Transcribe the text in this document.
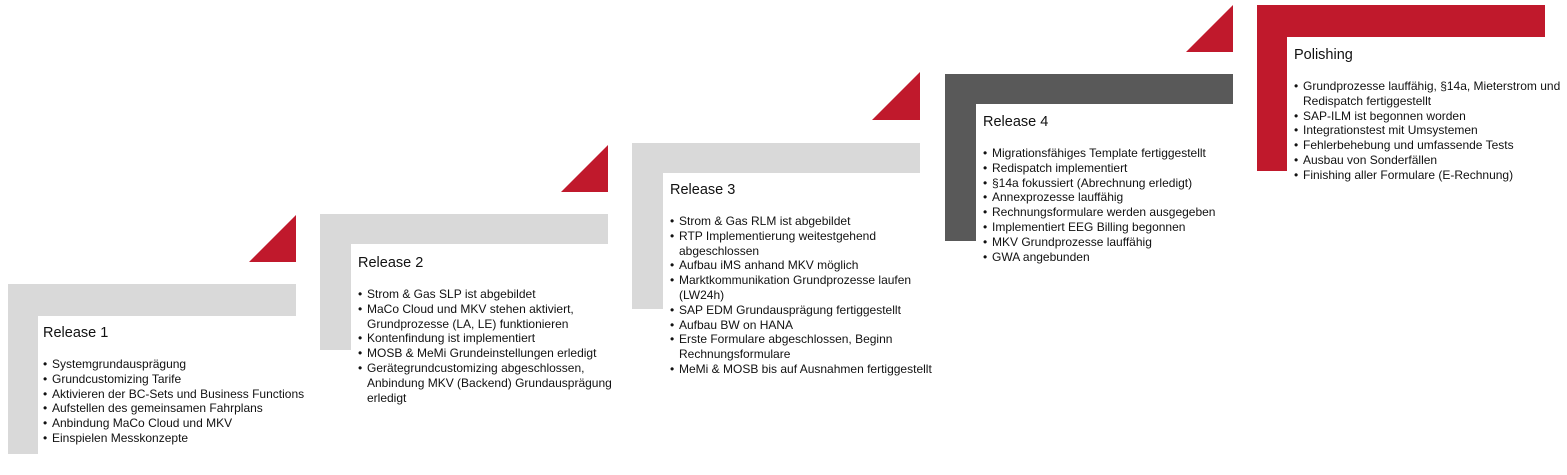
Release 1
• Systemgrundausprägung
• Grundcustomizing Tarife
• Aktivieren der BC-Sets und Business Functions
• Aufstellen des gemeinsamen Fahrplans
• Anbindung MaCo Cloud und MKV
• Einspielen Messkonzepte
Release 2
• Strom & Gas SLP ist abgebildet
• MaCo Cloud und MKV stehen aktiviert, Grundprozesse (LA, LE) funktionieren
• Kontenfindung ist implementiert
• MOSB & MeMi Grundeinstellungen erledigt
• Gerätegrundcustomizing abgeschlossen, Anbindung MKV (Backend) Grundausprägung erledigt
Release 3
• Strom & Gas RLM ist abgebildet
• RTP Implementierung weitestgehend abgeschlossen
• Aufbau iMS anhand MKV möglich
• Marktkommunikation Grundprozesse laufen (LW24h)
• SAP EDM Grundausprägung fertiggestellt
• Aufbau BW on HANA
• Erste Formulare abgeschlossen, Beginn Rechnungsformulare
• MeMi & MOSB bis auf Ausnahmen fertiggestellt
Release 4
• Migrationsfähiges Template fertiggestellt
• Redispatch implementiert
• §14a fokussiert (Abrechnung erledigt)
• Annexprozesse lauffähig
• Rechnungsformulare werden ausgegeben
• Implementiert EEG Billing begonnen
• MKV Grundprozesse lauffähig
• GWA angebunden
Polishing
• Grundprozesse lauffähig, §14a, Mieterstrom und Redispatch fertiggestellt
• SAP-ILM ist begonnen worden
• Integrationstest mit Umsystemen
• Fehlerbehebung und umfassende Tests
• Ausbau von Sonderfällen
• Finishing aller Formulare (E-Rechnung)
